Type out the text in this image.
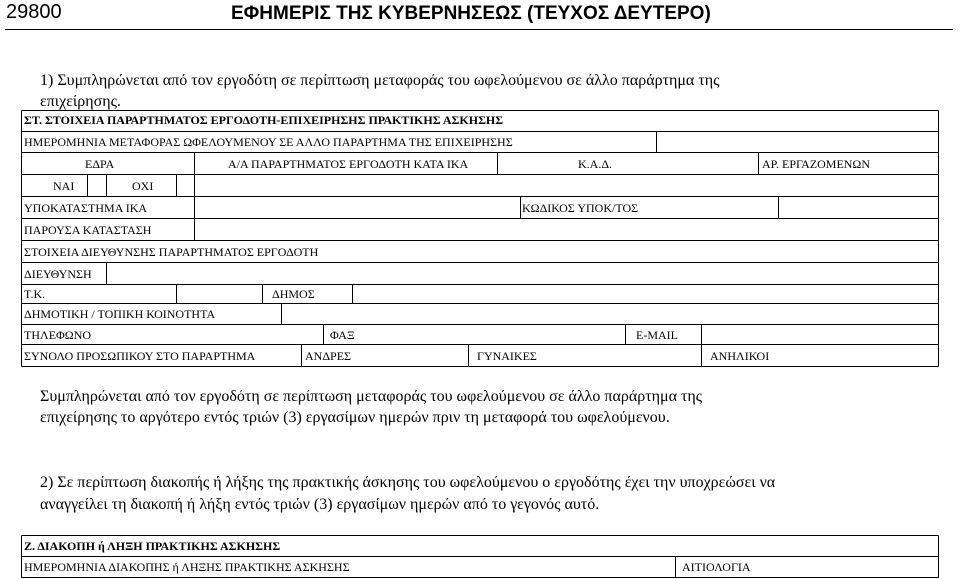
29800	ΕΦΗΜΕΡΙΣ ΤΗΣ ΚΥΒΕΡΝΗΣΕΩΣ (ΤΕΥΧΟΣ ΔΕΥΤΕΡΟ)
1) Συμπληρώνεται από τον εργοδότη σε περίπτωση μεταφοράς του ωφελούμενου σε άλλο παράρτημα της
επιχείρησης.
ΣΤ. ΣΤΟΙΧΕΙΑ ΠΑΡΑΡΤΗΜΑΤΟΣ ΕΡΓΟΔΟΤΗ-ΕΠΙΧΕΙΡΗΣΗΣ ΠΡΑΚΤΙΚΗΣ ΑΣΚΗΣΗΣ
ΗΜΕΡΟΜΗΝΙΑ ΜΕΤΑΦΟΡΑΣ ΩΦΕΛΟΥΜΕΝΟΥ ΣΕ ΑΛΛΟ ΠΑΡΑΡΤΗΜΑ ΤΗΣ ΕΠΙΧΕΙΡΗΣΗΣ
ΕΔΡΑ	Α/Α ΠΑΡΑΡΤΗΜΑΤΟΣ ΕΡΓΟΔΟΤΗ ΚΑΤΑ ΙΚΑ	Κ.Α.Δ.	ΑΡ. ΕΡΓΑΖΟΜΕΝΩΝ
ΝΑΙ	ΟΧΙ
ΥΠΟΚΑΤΑΣΤΗΜΑ ΙΚΑ	ΚΩΔΙΚΟΣ ΥΠΟΚ/ΤΟΣ
ΠΑΡΟΥΣΑ ΚΑΤΑΣΤΑΣΗ
ΣΤΟΙΧΕΙΑ ΔΙΕΥΘΥΝΣΗΣ ΠΑΡΑΡΤΗΜΑΤΟΣ ΕΡΓΟΔΟΤΗ
ΔΙΕΥΘΥΝΣΗ
Τ.Κ.	ΔΗΜΟΣ
ΔΗΜΟΤΙΚΗ / ΤΟΠΙΚΗ ΚΟΙΝΟΤΗΤΑ
ΤΗΛΕΦΩΝΟ	ΦΑΞ	E-MAIL
ΣΥΝΟΛΟ ΠΡΟΣΩΠΙΚΟΥ ΣΤΟ ΠΑΡΑΡΤΗΜΑ	ΑΝΔΡΕΣ	ΓΥΝΑΙΚΕΣ	ΑΝΗΛΙΚΟΙ
Συμπληρώνεται από τον εργοδότη σε περίπτωση μεταφοράς του ωφελούμενου σε άλλο παράρτημα της
επιχείρησης το αργότερο εντός τριών (3) εργασίμων ημερών πριν τη μεταφορά του ωφελούμενου.
2) Σε περίπτωση διακοπής ή λήξης της πρακτικής άσκησης του ωφελούμενου ο εργοδότης έχει την υποχρεώσει να
αναγγείλει τη διακοπή ή λήξη εντός τριών (3) εργασίμων ημερών από το γεγονός αυτό.
Ζ. ΔΙΑΚΟΠΗ ή ΛΗΞΗ ΠΡΑΚΤΙΚΗΣ ΑΣΚΗΣΗΣ
ΗΜΕΡΟΜΗΝΙΑ ΔΙΑΚΟΠΗΣ ή ΛΗΞΗΣ ΠΡΑΚΤΙΚΗΣ ΑΣΚΗΣΗΣ	ΑΙΤΙΟΛΟΓΙΑ
